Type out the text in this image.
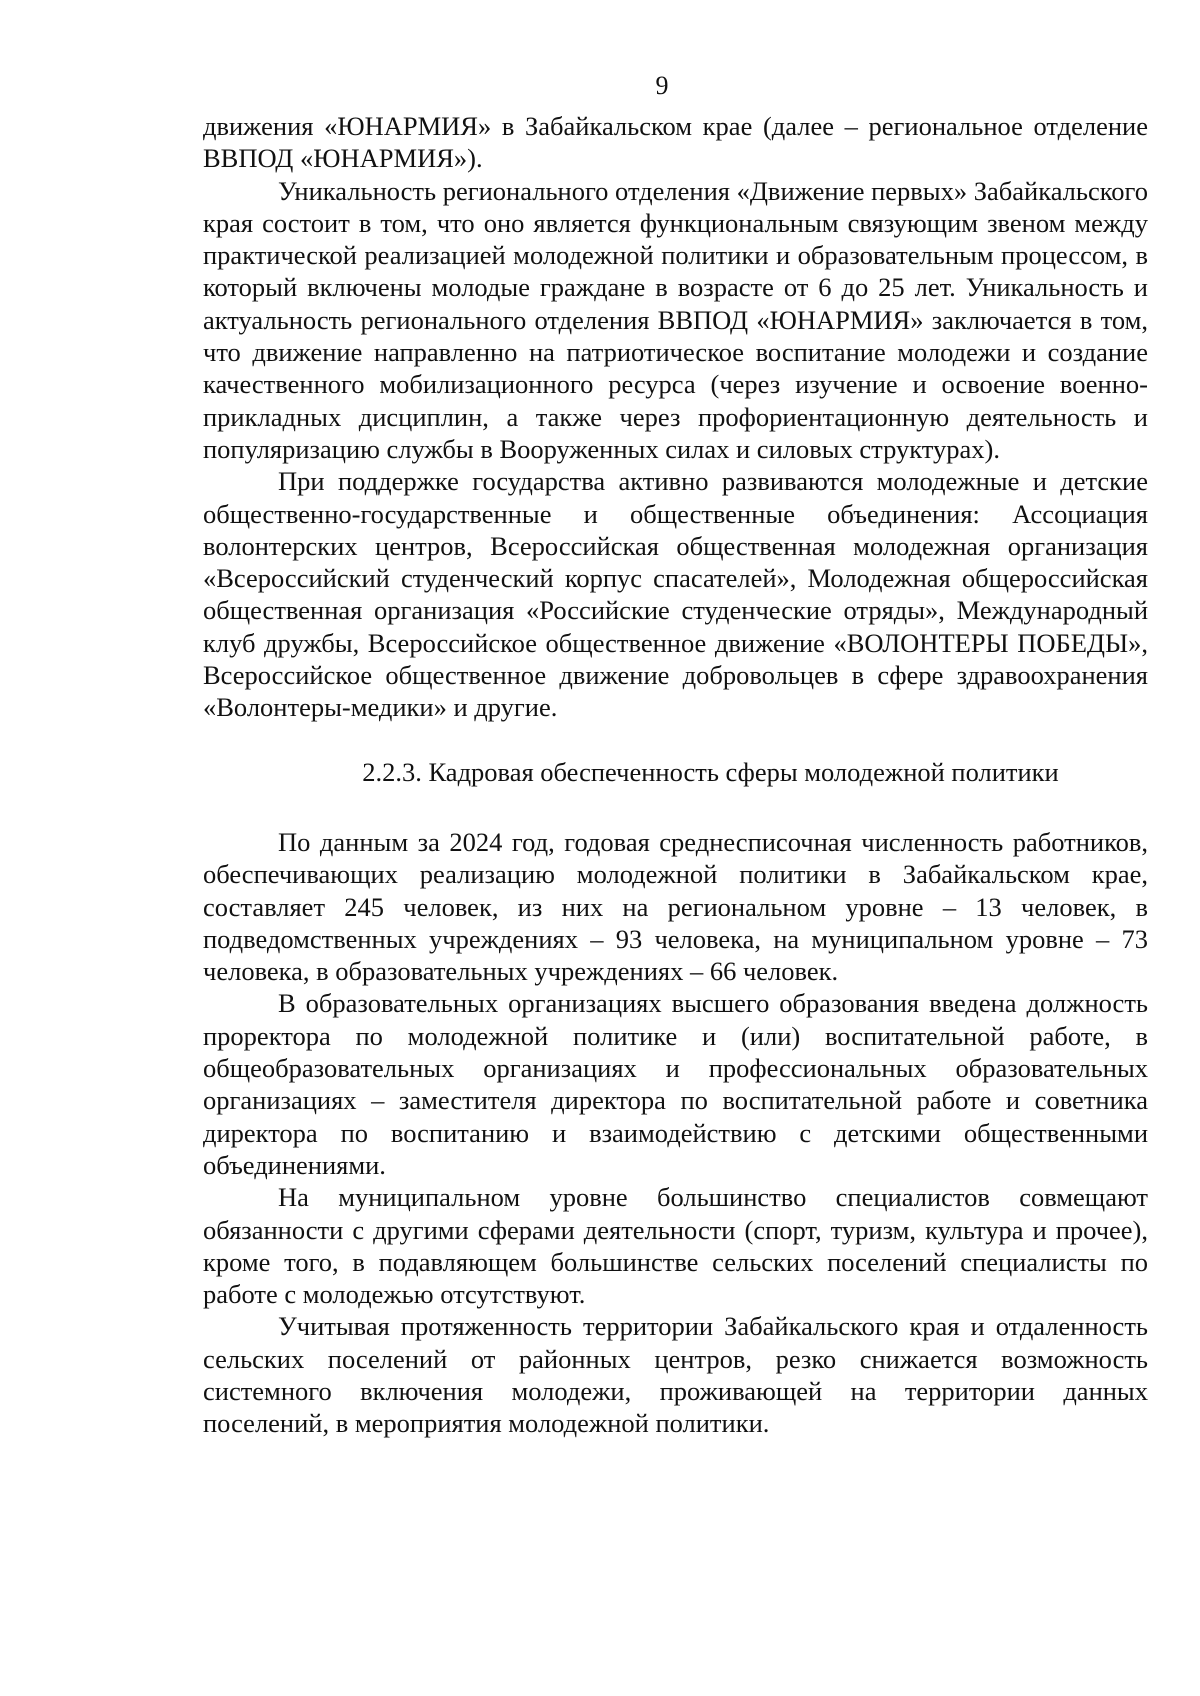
9

движения «ЮНАРМИЯ» в Забайкальском крае (далее – региональное отделение ВВПОД «ЮНАРМИЯ»).

Уникальность регионального отделения «Движение первых» Забайкальского края состоит в том, что оно является функциональным связующим звеном между практической реализацией молодежной политики и образовательным процессом, в который включены молодые граждане в возрасте от 6 до 25 лет. Уникальность и актуальность регионального отделения ВВПОД «ЮНАРМИЯ» заключается в том, что движение направленно на патриотическое воспитание молодежи и создание качественного мобилизационного ресурса (через изучение и освоение военно-прикладных дисциплин, а также через профориентационную деятельность и популяризацию службы в Вооруженных силах и силовых структурах).

При поддержке государства активно развиваются молодежные и детские общественно-государственные и общественные объединения: Ассоциация волонтерских центров, Всероссийская общественная молодежная организация «Всероссийский студенческий корпус спасателей», Молодежная общероссийская общественная организация «Российские студенческие отряды», Международный клуб дружбы, Всероссийское общественное движение «ВОЛОНТЕРЫ ПОБЕДЫ», Всероссийское общественное движение добровольцев в сфере здравоохранения «Волонтеры-медики» и другие.

2.2.3. Кадровая обеспеченность сферы молодежной политики

По данным за 2024 год, годовая среднесписочная численность работников, обеспечивающих реализацию молодежной политики в Забайкальском крае, составляет 245 человек, из них на региональном уровне – 13 человек, в подведомственных учреждениях – 93 человека, на муниципальном уровне – 73 человека, в образовательных учреждениях – 66 человек.

В образовательных организациях высшего образования введена должность проректора по молодежной политике и (или) воспитательной работе, в общеобразовательных организациях и профессиональных образовательных организациях – заместителя директора по воспитательной работе и советника директора по воспитанию и взаимодействию с детскими общественными объединениями.

На муниципальном уровне большинство специалистов совмещают обязанности с другими сферами деятельности (спорт, туризм, культура и прочее), кроме того, в подавляющем большинстве сельских поселений специалисты по работе с молодежью отсутствуют.

Учитывая протяженность территории Забайкальского края и отдаленность сельских поселений от районных центров, резко снижается возможность системного включения молодежи, проживающей на территории данных поселений, в мероприятия молодежной политики.
